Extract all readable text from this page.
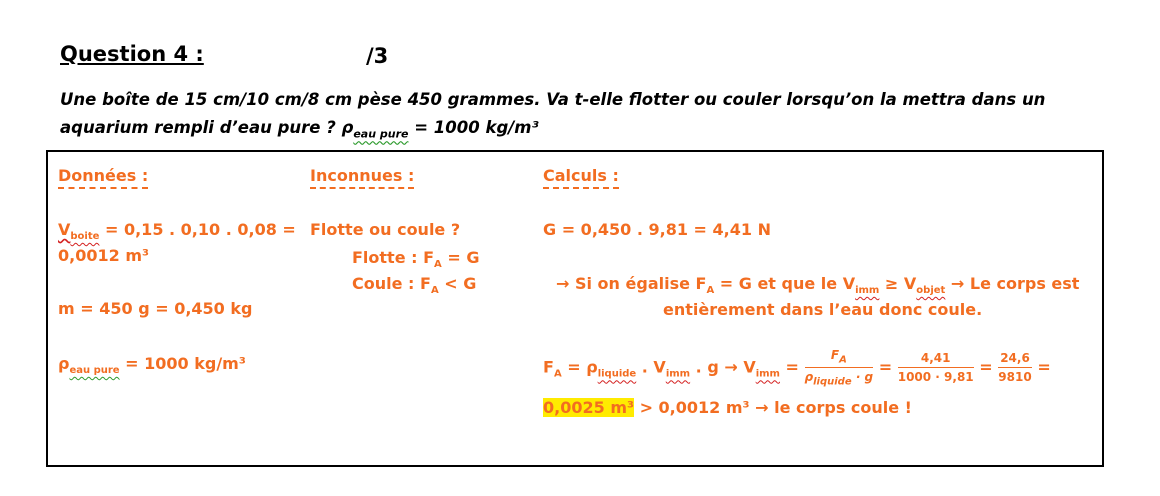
Question 4 :	/3
Une boîte de 15 cm/10 cm/8 cm pèse 450 grammes. Va t-elle flotter ou couler lorsqu’on la mettra dans un aquarium rempli d’eau pure ? $\rho_{eau pure} = 1000$ kg/m³
Données :
$V_{boite} = 0,15$ . 0,10 . 0,08 =
0,0012 m³
m = 450 g = 0,450 kg
$\rho_{eau pure} = 1000$ kg/m³
Inconnues :
Flotte ou coule ?
Flotte : $F_A = G$
Coule : $F_A < G$
Calculs :
G = 0,450 . 9,81 = 4,41 N
→ Si on égalise $F_A = G$ et que le $V_{imm} \ge V_{objet} \to Le$ corps est
entièrement dans l’eau donc coule.
$F_A = \rho_{liquide}$ . $V_{imm}$ . $g \to V_{imm} = \frac{F_A}{\rho_{liquide} \cdot g} = \frac{4,41}{1000 \cdot 9,81} = \frac{24,6}{9810}$ =
0,0025 m³ > 0,0012 m³ → le corps coule !
